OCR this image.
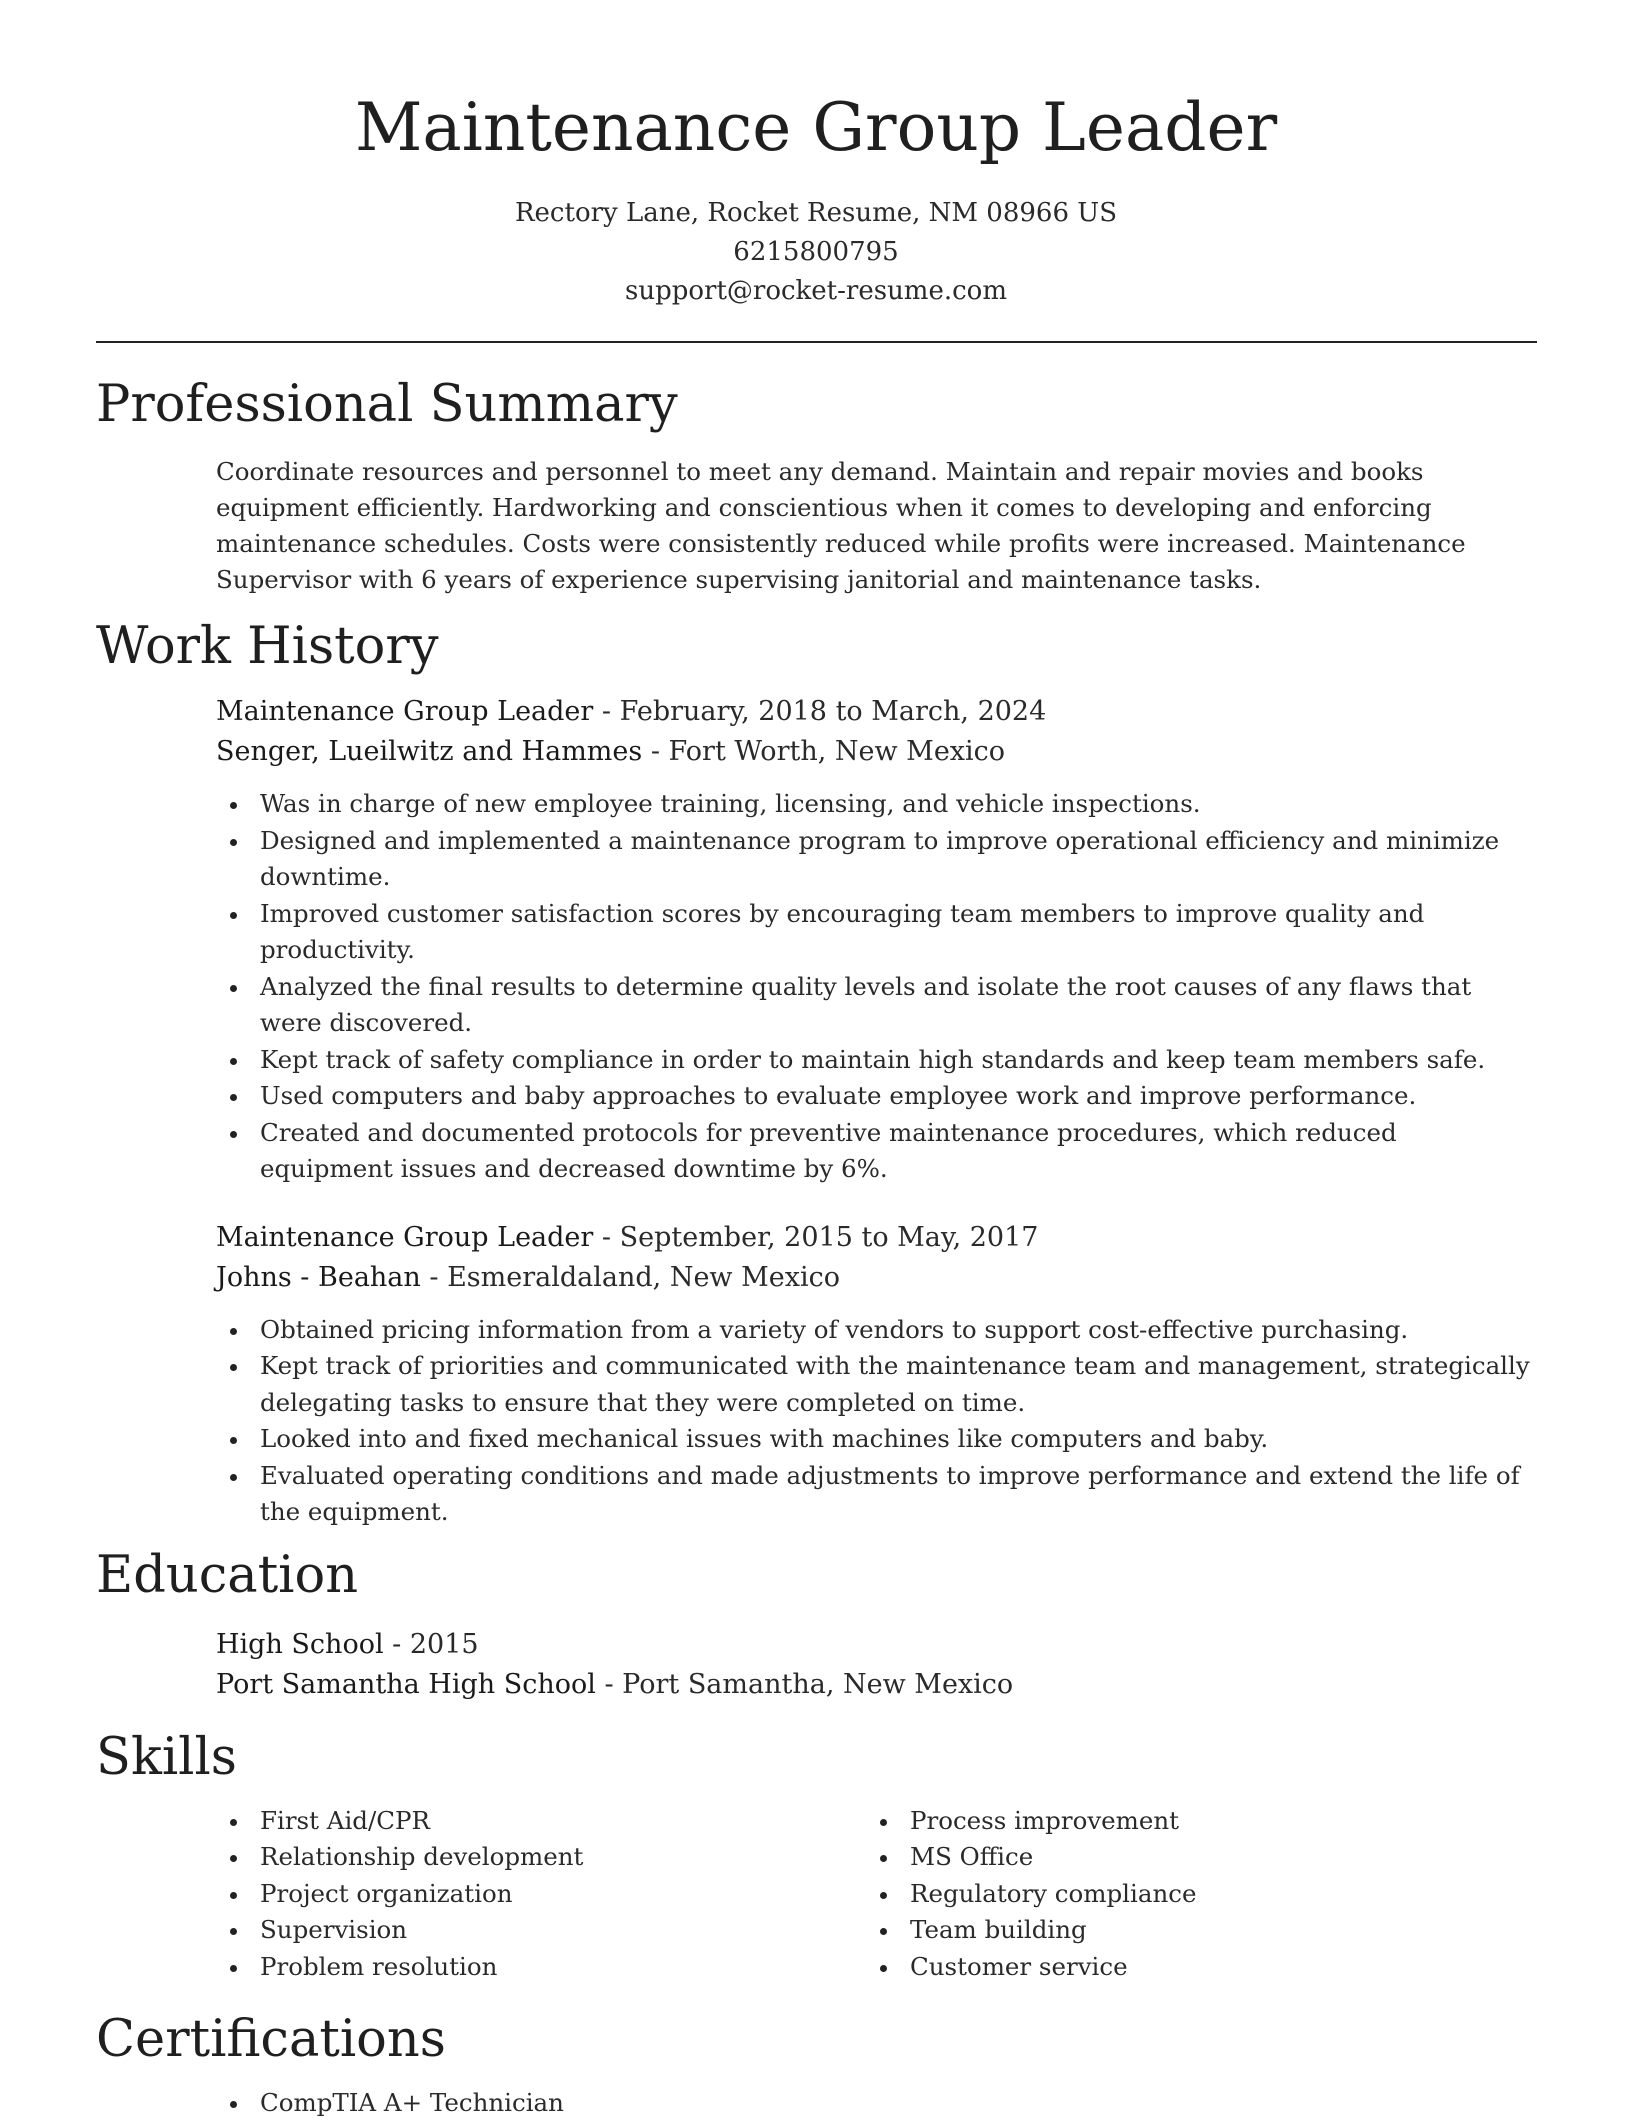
Maintenance Group Leader
Rectory Lane, Rocket Resume, NM 08966 US
6215800795
support@rocket-resume.com
Professional Summary

Coordinate resources and personnel to meet any demand. Maintain and repair movies and books equipment efficiently. Hardworking and conscientious when it comes to developing and enforcing maintenance schedules. Costs were consistently reduced while profits were increased. Maintenance Supervisor with 6 years of experience supervising janitorial and maintenance tasks.

Work History
Maintenance Group Leader - February, 2018 to March, 2024
Senger, Lueilwitz and Hammes - Fort Worth, New Mexico
Was in charge of new employee training, licensing, and vehicle inspections.
Designed and implemented a maintenance program to improve operational efficiency and minimize downtime.
Improved customer satisfaction scores by encouraging team members to improve quality and productivity.
Analyzed the final results to determine quality levels and isolate the root causes of any flaws that were discovered.
Kept track of safety compliance in order to maintain high standards and keep team members safe.
Used computers and baby approaches to evaluate employee work and improve performance.
Created and documented protocols for preventive maintenance procedures, which reduced equipment issues and decreased downtime by 6%.
Maintenance Group Leader - September, 2015 to May, 2017
Johns - Beahan - Esmeraldaland, New Mexico
Obtained pricing information from a variety of vendors to support cost-effective purchasing.
Kept track of priorities and communicated with the maintenance team and management, strategically delegating tasks to ensure that they were completed on time.
Looked into and fixed mechanical issues with machines like computers and baby.
Evaluated operating conditions and made adjustments to improve performance and extend the life of the equipment.
Education
High School - 2015
Port Samantha High School - Port Samantha, New Mexico
Skills
First Aid/CPR
Relationship development
Project organization
Supervision
Problem resolution
Process improvement
MS Office
Regulatory compliance
Team building
Customer service
Certifications
CompTIA A+ Technician
